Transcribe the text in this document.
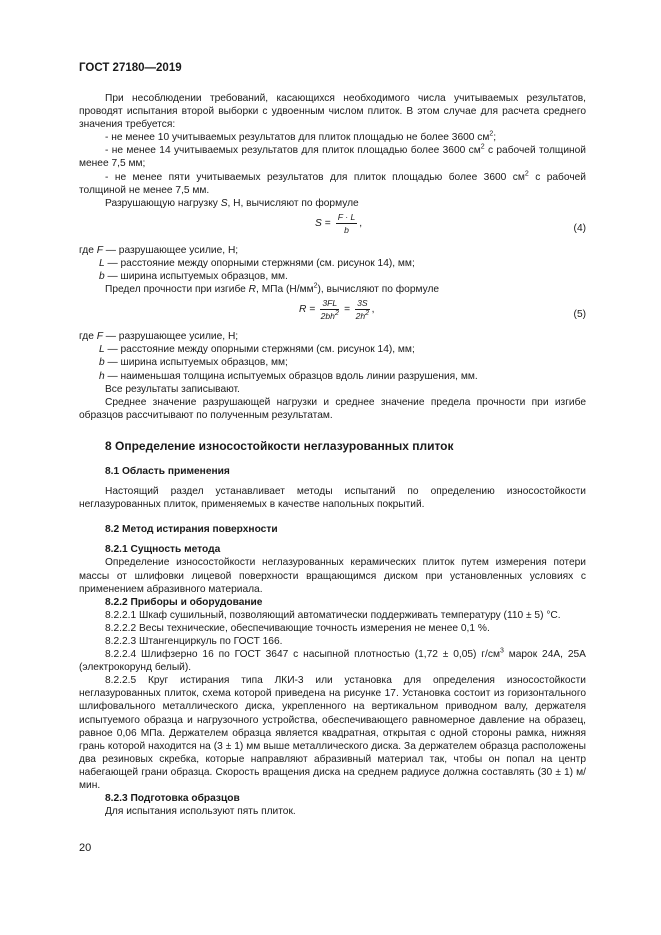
ГОСТ 27180—2019

При несоблюдении требований, касающихся необходимого числа учитываемых результатов, проводят испытания второй выборки с удвоенным числом плиток. В этом случае для расчета среднего значения требуется:

- не менее 10 учитываемых результатов для плиток площадью не более 3600 $см^2$;

- не менее 14 учитываемых результатов для плиток площадью более 3600 $см^2$ с рабочей толщиной менее 7,5 мм;

- не менее пяти учитываемых результатов для плиток площадью более 3600 $см^2$ с рабочей толщиной не менее 7,5 мм.

Разрушающую нагрузку S, Н, вычисляют по формуле

$S = \frac{F \cdot L}{b}$ ,	(4)

где F — разрушающее усилие, Н;

L — расстояние между опорными стержнями (см. рисунок 14), мм;

b — ширина испытуемых образцов, мм.

Предел прочности при изгибе R, МПа $(Н/мм^2)$, вычисляют по формуле

$R = \frac{3FL}{2bh^2} = \frac{3S}{2h^2}$ ,	(5)

где F — разрушающее усилие, Н;

L — расстояние между опорными стержнями (см. рисунок 14), мм;

b — ширина испытуемых образцов, мм;

h — наименьшая толщина испытуемых образцов вдоль линии разрушения, мм.

Все результаты записывают.

Среднее значение разрушающей нагрузки и среднее значение предела прочности при изгибе образцов рассчитывают по полученным результатам.

8 Определение износостойкости неглазурованных плиток
8.1 Область применения

Настоящий раздел устанавливает методы испытаний по определению износостойкости неглазурованных плиток, применяемых в качестве напольных покрытий.

8.2 Метод истирания поверхности
8.2.1 Сущность метода

Определение износостойкости неглазурованных керамических плиток путем измерения потери массы от шлифовки лицевой поверхности вращающимся диском при установленных условиях с применением абразивного материала.

8.2.2 Приборы и оборудование

8.2.2.1 Шкаф сушильный, позволяющий автоматически поддерживать температуру (110 ± 5) °С.

8.2.2.2 Весы технические, обеспечивающие точность измерения не менее 0,1 %.

8.2.2.3 Штангенциркуль по ГОСТ 166.

8.2.2.4 Шлифзерно 16 по ГОСТ 3647 с насыпной плотностью (1,72 ± 0,05) $г/см^3$ марок 24А, 25А (электрокорунд белый).

8.2.2.5 Круг истирания типа ЛКИ-3 или установка для определения износостойкости неглазурованных плиток, схема которой приведена на рисунке 17. Установка состоит из горизонтального шлифовального металлического диска, укрепленного на вертикальном приводном валу, держателя испытуемого образца и нагрузочного устройства, обеспечивающего равномерное давление на образец, равное 0,06 МПа. Держателем образца является квадратная, открытая с одной стороны рамка, нижняя грань которой находится на (3 ± 1) мм выше металлического диска. За держателем образца расположены два резиновых скребка, которые направляют абразивный материал так, чтобы он попал на центр набегающей грани образца. Скорость вращения диска на среднем радиусе должна составлять (30 ± 1) м/мин.

8.2.3 Подготовка образцов

Для испытания используют пять плиток.

20
